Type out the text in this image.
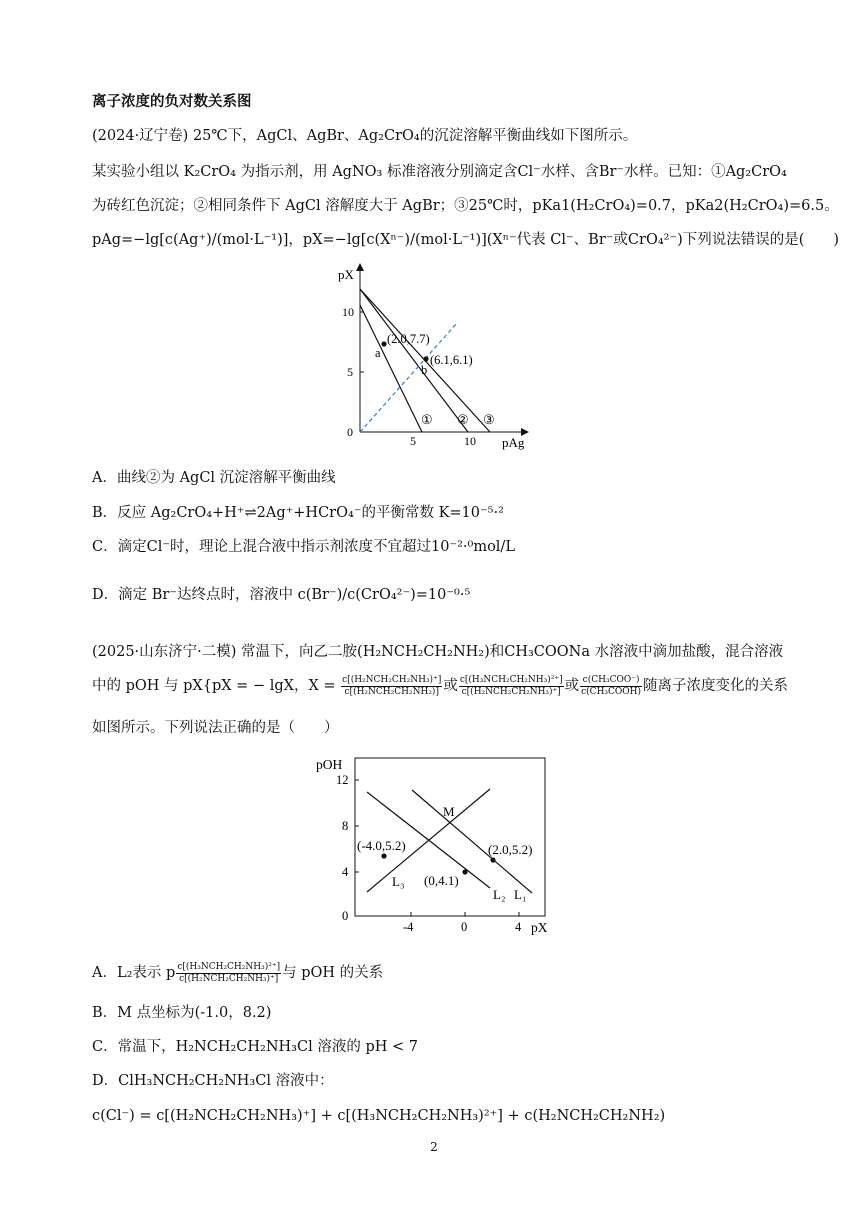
离子浓度的负对数关系图
(2024·辽宁卷) 25℃下，AgCl、AgBr、Ag₂CrO₄的沉淀溶解平衡曲线如下图所示。
某实验小组以 K₂CrO₄ 为指示剂，用 AgNO₃ 标准溶液分别滴定含Cl⁻水样、含Br⁻水样。已知：①Ag₂CrO₄
为砖红色沉淀；②相同条件下 AgCl 溶解度大于 AgBr；③25℃时，pKa1(H₂CrO₄)=0.7，pKa2(H₂CrO₄)=6.5。
pAg=−lg[c(Ag⁺)/(mol·L⁻¹)]，pX=−lg[c(Xⁿ⁻)/(mol·L⁻¹)](Xⁿ⁻代表 Cl⁻、Br⁻或CrO₄²⁻)下列说法错误的是(　　)
pX
pAg
0
5
10
5	10
(2.0,7.7)
a	(6.1,6.1)
b
① ② ③
A．曲线②为 AgCl 沉淀溶解平衡曲线
B．反应 Ag₂CrO₄+H⁺⇌2Ag⁺+HCrO₄⁻的平衡常数 K=10⁻⁵·²
C．滴定Cl⁻时，理论上混合液中指示剂浓度不宜超过10⁻²·⁰mol/L
D．滴定 Br⁻达终点时，溶液中 c(Br⁻)/c(CrO₄²⁻)=10⁻⁰·⁵
(2025·山东济宁·二模) 常温下，向乙二胺(H₂NCH₂CH₂NH₂)和CH₃COONa 水溶液中滴加盐酸，混合溶液
中的 pOH 与 pX{pX = − lgX，$X = \frac{\text{c[(H₂NCH₂CH₂NH₃)⁺]}}{\text{c[(H₂NCH₂CH₂NH₂)]}}$ 或 $\frac{\text{c[(H₃NCH₂CH₂NH₃)²⁺]}}{\text{c[(H₂NCH₂CH₂NH₃)⁺]}}$ 或 $\frac{\text{c(CH₃COO⁻)}}{\text{c(CH₃COOH)}}$ 随离子浓度变化的关系
如图所示。下列说法正确的是（　　）
pOH
pX
12
8
4
0
-4	0	4
M
(-4.0,5.2)	(2.0,5.2)
(0,4.1)
L₃
L₂ L₁
A．L₂表示 p $\frac{\text{c[(H₃NCH₂CH₂NH₃)²⁺]}}{\text{c[(H₂NCH₂CH₂NH₃)⁺]}}$ 与 pOH 的关系
B．M 点坐标为(-1.0，8.2)
C．常温下，H₂NCH₂CH₂NH₃Cl 溶液的 pH < 7
D．ClH₃NCH₂CH₂NH₃Cl 溶液中：
c(Cl⁻) = c[(H₂NCH₂CH₂NH₃)⁺] + c[(H₃NCH₂CH₂NH₃)²⁺] + c(H₂NCH₂CH₂NH₂)
2
